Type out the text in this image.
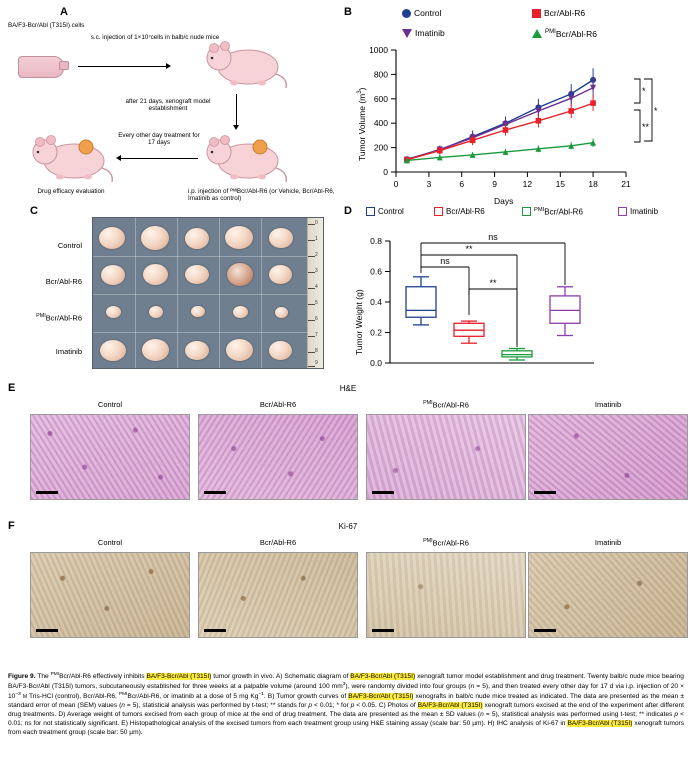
A
BA/F3-Bcr/Abl (T315I) cells
s.c. injection of 1×10⁷cells in balb/c nude mice
after 21 days, xenograft model establishment
Every other day treatment for 17 days
i.p. injection of ᴾᴹᴵBcr/Abl-R6 (or Vehicle, Bcr/Abl-R6, Imatinib as control)
Drug efficacy evaluation
B	Control	Bcr/Abl-R6
Imatinib	$^{PMI}$Bcr/Abl-R6
0
200
400
600
800
1000
0	3	6	9	12	15	18	21
*
*
**
Tumor Volume $(m^3)$
Days
C
Control
Bcr/Abl-R6
$^{PMI}$Bcr/Abl-R6
Imatinib
0
1
2
3
4
5
6
7
8
9
D	Control	Bcr/Abl-R6	$^{PMI}$Bcr/Abl-R6	Imatinib
0.0
0.2
0.4
0.6
0.8
ns
**
ns
**
Tumor Weight (g)
E	H&E
Control	Bcr/Abl-R6	$^{PMI}$Bcr/Abl-R6	Imatinib
F	Ki-67
Control	Bcr/Abl-R6	$^{PMI}$Bcr/Abl-R6	Imatinib
Figure 9. The $^{PMI}$Bcr/Abl-R6 effectively inhibits BA/F3-Bcr/Abl (T315I) tumor growth in vivo. A) Schematic diagram of BA/F3-Bcr/Abl (T315I) xenograft tumor model establishment and drug treatment. Twenty balb/c nude mice bearing BA/F3-Bcr/Abl (T315I) tumors, subcutaneously established for three weeks at a palpable volume (around 100 $mm^3$), were randomly divided into four groups (n = 5), and then treated every other day for 17 d via i.p. injection of $20 \times 10^{-3}$ m Tris-HCl (control), Bcr/Abl-R6, $^{PMI}$Bcr/Abl-R6, or imatinib at a dose of 5 mg $Kg^{-1}$. B) Tumor growth curves of BA/F3-Bcr/Abl (T315I) xenografts in balb/c nude mice treated as indicated. The data are presented as the mean ± standard error of mean (SEM) values (n = 5), statistical analysis was performed by t-test; ** stands for p < 0.01; * for p < 0.05. C) Photos of BA/F3-Bcr/Abl (T315I) xenograft tumors excised at the end of the experiment after different drug treatments. D) Average weight of tumors excised from each group of mice at the end of drug treatment. The data are presented as the mean ± SD values (n = 5), statistical analysis was performed using t-test; ** indicates p < 0.01; ns for not statistically significant. E) Histopathological analysis of the excised tumors from each treatment group using H&E staining assay (scale bar: 50 µm). H) IHC analysis of Ki-67 in BA/F3-Bcr/Abl (T315I) xenograft tumors from each treatment group (scale bar: 50 µm).
